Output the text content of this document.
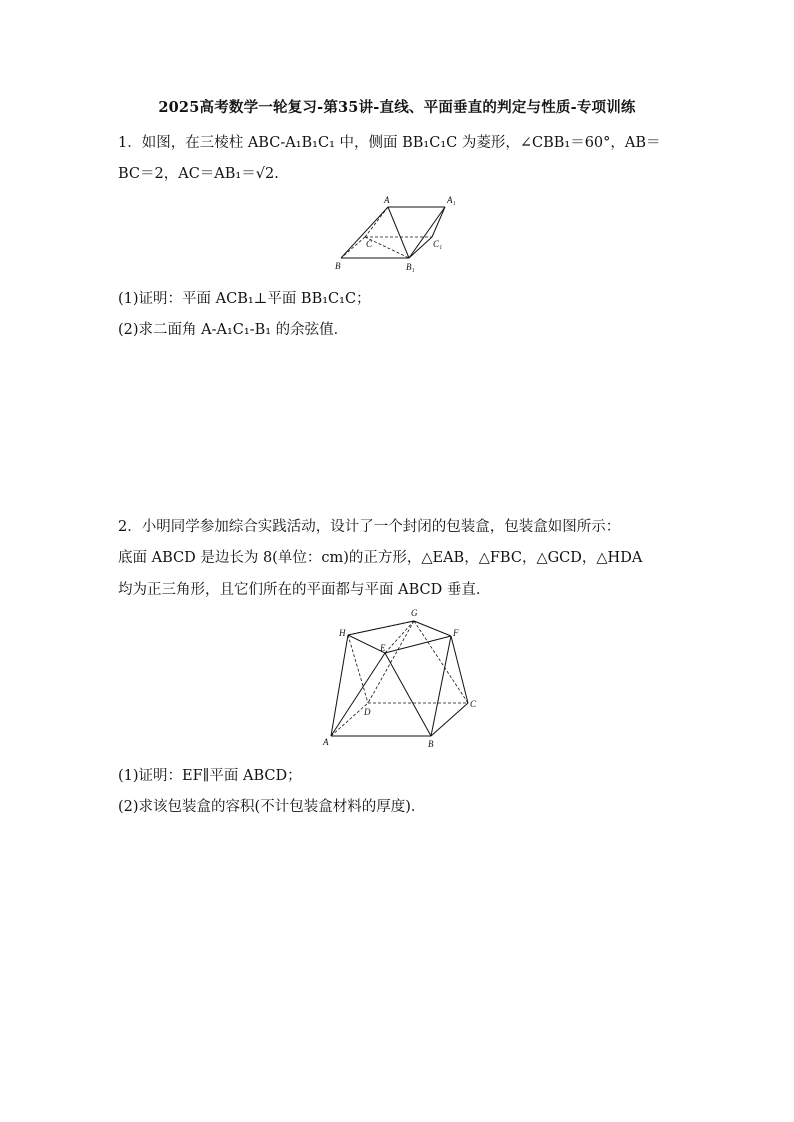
2025高考数学一轮复习-第35讲-直线、平面垂直的判定与性质-专项训练
1．如图，在三棱柱 ABC-A₁B₁C₁ 中，侧面 BB₁C₁C 为菱形，∠CBB₁＝60°，AB＝
BC＝2，AC＝AB₁＝√2.
A	A₁
C	C₁
B	B₁
(1)证明：平面 ACB₁⊥平面 BB₁C₁C；
(2)求二面角 A-A₁C₁-B₁ 的余弦值．
2．小明同学参加综合实践活动，设计了一个封闭的包装盒，包装盒如图所示：
底面 ABCD 是边长为 8(单位：cm)的正方形，△EAB，△FBC，△GCD，△HDA
均为正三角形，且它们所在的平面都与平面 ABCD 垂直．
G
H	F
E
D
C
A	B
(1)证明：EF∥平面 ABCD；
(2)求该包装盒的容积(不计包装盒材料的厚度)．
